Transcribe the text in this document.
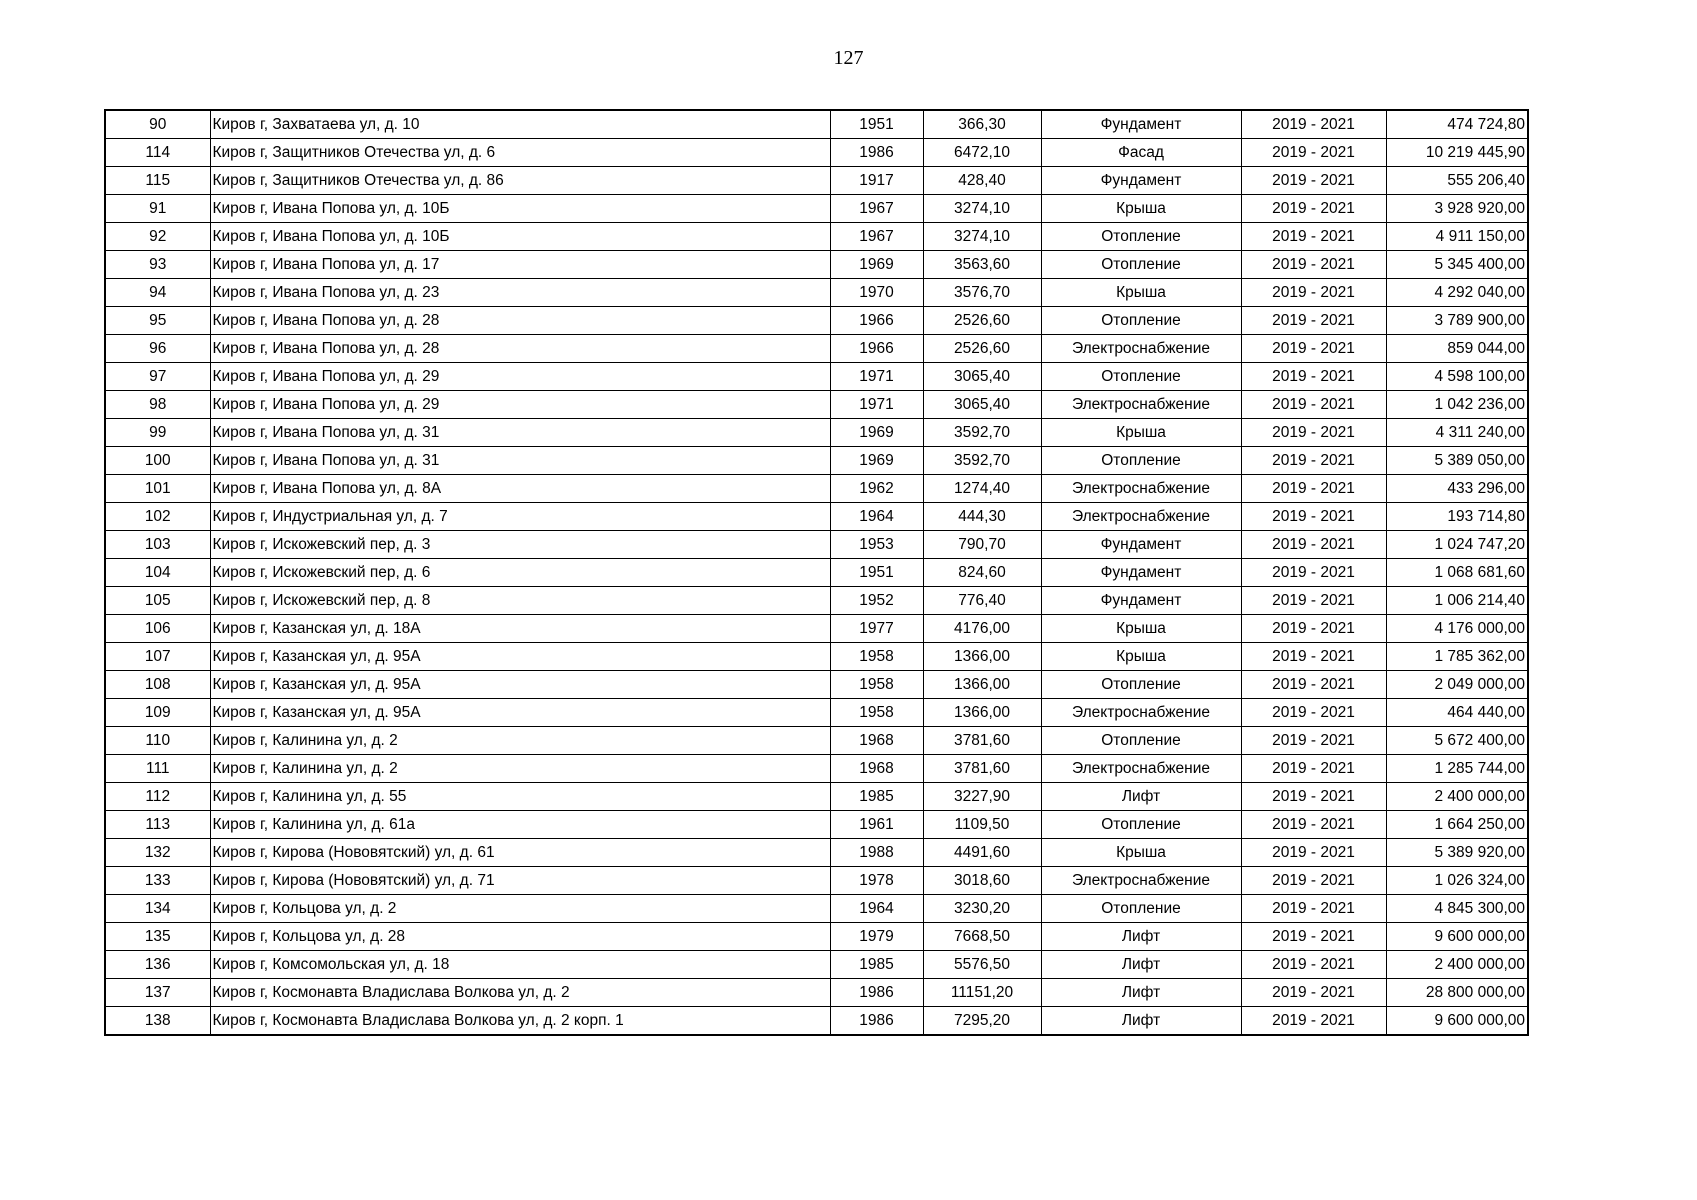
127
90	Киров г, Захватаева ул, д. 10	1951	366,30	Фундамент	2019 - 2021	474 724,80
114	Киров г, Защитников Отечества ул, д. 6	1986	6472,10	Фасад	2019 - 2021	10 219 445,90
115	Киров г, Защитников Отечества ул, д. 86	1917	428,40	Фундамент	2019 - 2021	555 206,40
91	Киров г, Ивана Попова ул, д. 10Б	1967	3274,10	Крыша	2019 - 2021	3 928 920,00
92	Киров г, Ивана Попова ул, д. 10Б	1967	3274,10	Отопление	2019 - 2021	4 911 150,00
93	Киров г, Ивана Попова ул, д. 17	1969	3563,60	Отопление	2019 - 2021	5 345 400,00
94	Киров г, Ивана Попова ул, д. 23	1970	3576,70	Крыша	2019 - 2021	4 292 040,00
95	Киров г, Ивана Попова ул, д. 28	1966	2526,60	Отопление	2019 - 2021	3 789 900,00
96	Киров г, Ивана Попова ул, д. 28	1966	2526,60	Электроснабжение	2019 - 2021	859 044,00
97	Киров г, Ивана Попова ул, д. 29	1971	3065,40	Отопление	2019 - 2021	4 598 100,00
98	Киров г, Ивана Попова ул, д. 29	1971	3065,40	Электроснабжение	2019 - 2021	1 042 236,00
99	Киров г, Ивана Попова ул, д. 31	1969	3592,70	Крыша	2019 - 2021	4 311 240,00
100	Киров г, Ивана Попова ул, д. 31	1969	3592,70	Отопление	2019 - 2021	5 389 050,00
101	Киров г, Ивана Попова ул, д. 8А	1962	1274,40	Электроснабжение	2019 - 2021	433 296,00
102	Киров г, Индустриальная ул, д. 7	1964	444,30	Электроснабжение	2019 - 2021	193 714,80
103	Киров г, Искожевский пер, д. 3	1953	790,70	Фундамент	2019 - 2021	1 024 747,20
104	Киров г, Искожевский пер, д. 6	1951	824,60	Фундамент	2019 - 2021	1 068 681,60
105	Киров г, Искожевский пер, д. 8	1952	776,40	Фундамент	2019 - 2021	1 006 214,40
106	Киров г, Казанская ул, д. 18А	1977	4176,00	Крыша	2019 - 2021	4 176 000,00
107	Киров г, Казанская ул, д. 95А	1958	1366,00	Крыша	2019 - 2021	1 785 362,00
108	Киров г, Казанская ул, д. 95А	1958	1366,00	Отопление	2019 - 2021	2 049 000,00
109	Киров г, Казанская ул, д. 95А	1958	1366,00	Электроснабжение	2019 - 2021	464 440,00
110	Киров г, Калинина ул, д. 2	1968	3781,60	Отопление	2019 - 2021	5 672 400,00
111	Киров г, Калинина ул, д. 2	1968	3781,60	Электроснабжение	2019 - 2021	1 285 744,00
112	Киров г, Калинина ул, д. 55	1985	3227,90	Лифт	2019 - 2021	2 400 000,00
113	Киров г, Калинина ул, д. 61а	1961	1109,50	Отопление	2019 - 2021	1 664 250,00
132	Киров г, Кирова (Нововятский) ул, д. 61	1988	4491,60	Крыша	2019 - 2021	5 389 920,00
133	Киров г, Кирова (Нововятский) ул, д. 71	1978	3018,60	Электроснабжение	2019 - 2021	1 026 324,00
134	Киров г, Кольцова ул, д. 2	1964	3230,20	Отопление	2019 - 2021	4 845 300,00
135	Киров г, Кольцова ул, д. 28	1979	7668,50	Лифт	2019 - 2021	9 600 000,00
136	Киров г, Комсомольская ул, д. 18	1985	5576,50	Лифт	2019 - 2021	2 400 000,00
137	Киров г, Космонавта Владислава Волкова ул, д. 2	1986	11151,20	Лифт	2019 - 2021	28 800 000,00
138	Киров г, Космонавта Владислава Волкова ул, д. 2 корп. 1	1986	7295,20	Лифт	2019 - 2021	9 600 000,00
